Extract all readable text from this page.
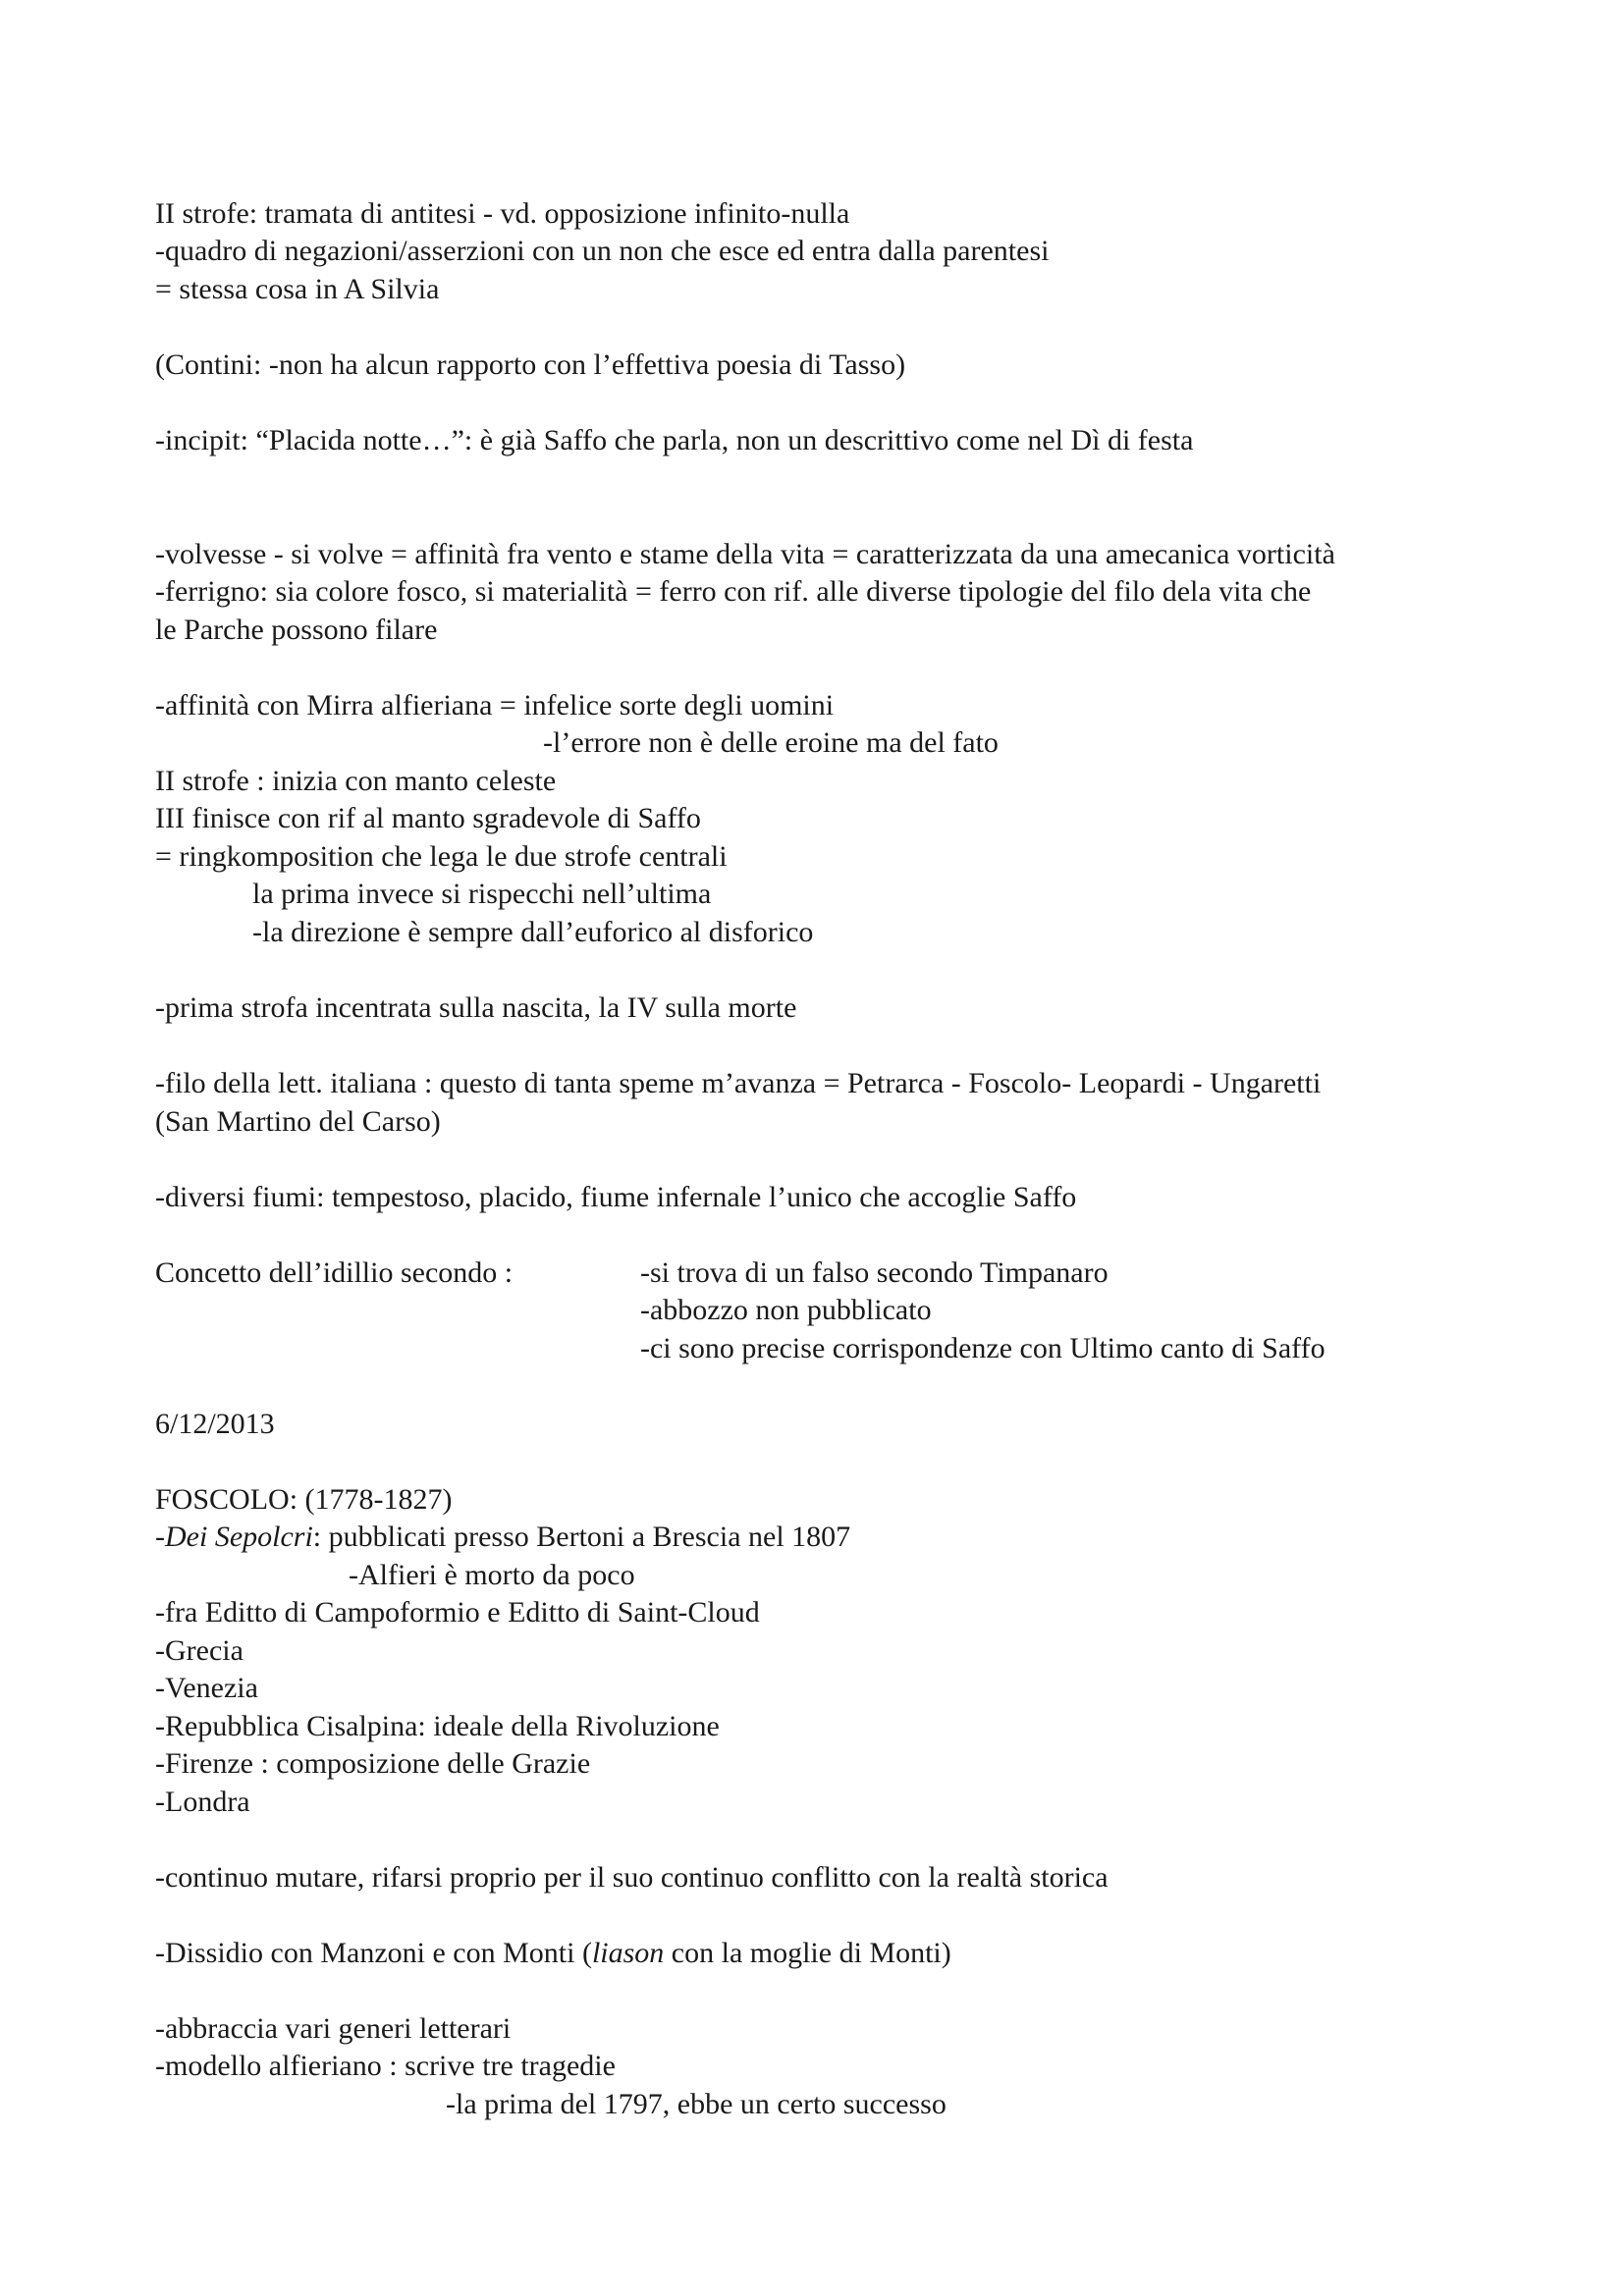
II strofe: tramata di antitesi - vd. opposizione infinito-nulla
-quadro di negazioni/asserzioni con un non che esce ed entra dalla parentesi
= stessa cosa in A Silvia
(Contini: -non ha alcun rapporto con l’effettiva poesia di Tasso)
-incipit: “Placida notte…”: è già Saffo che parla, non un descrittivo come nel Dì di festa
-volvesse - si volve = affinità fra vento e stame della vita = caratterizzata da una amecanica vorticità
-ferrigno: sia colore fosco, si materialità = ferro con rif. alle diverse tipologie del filo dela vita che
le Parche possono filare
-affinità con Mirra alfieriana = infelice sorte degli uomini
-l’errore non è delle eroine ma del fato
II strofe : inizia con manto celeste
III finisce con rif al manto sgradevole di Saffo
= ringkomposition che lega le due strofe centrali
la prima invece si rispecchi nell’ultima
-la direzione è sempre dall’euforico al disforico
-prima strofa incentrata sulla nascita, la IV sulla morte
-filo della lett. italiana : questo di tanta speme m’avanza = Petrarca - Foscolo- Leopardi - Ungaretti
(San Martino del Carso)
-diversi fiumi: tempestoso, placido, fiume infernale l’unico che accoglie Saffo
Concetto dell’idillio secondo :	-si trova di un falso secondo Timpanaro
-abbozzo non pubblicato
-ci sono precise corrispondenze con Ultimo canto di Saffo
6/12/2013
FOSCOLO: (1778-1827)
-Dei Sepolcri: pubblicati presso Bertoni a Brescia nel 1807
-Alfieri è morto da poco
-fra Editto di Campoformio e Editto di Saint-Cloud
-Grecia
-Venezia
-Repubblica Cisalpina: ideale della Rivoluzione
-Firenze : composizione delle Grazie
-Londra
-continuo mutare, rifarsi proprio per il suo continuo conflitto con la realtà storica
-Dissidio con Manzoni e con Monti (liason con la moglie di Monti)
-abbraccia vari generi letterari
-modello alfieriano : scrive tre tragedie
-la prima del 1797, ebbe un certo successo
